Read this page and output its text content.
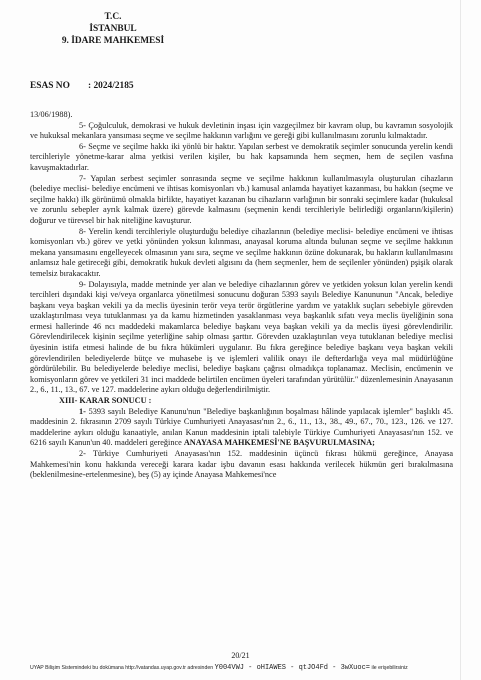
T.C.
İSTANBUL
9. İDARE MAHKEMESİ
ESAS NO : 2024/2185

13/06/1988).

5- Çoğulculuk, demokrasi ve hukuk devletinin inşası için vazgeçilmez bir kavram olup, bu kavramın sosyolojik ve hukuksal mekanlara yansıması seçme ve seçilme hakkının varlığını ve gereği gibi kullanılmasını zorunlu kılmaktadır.

6- Seçme ve seçilme hakkı iki yönlü bir haktır. Yapılan serbest ve demokratik seçimler sonucunda yerelin kendi tercihleriyle yönetme-karar alma yetkisi verilen kişiler, bu hak kapsamında hem seçmen, hem de seçilen vasfına kavuşmaktadırlar.

7- Yapılan serbest seçimler sonrasında seçme ve seçilme hakkının kullanılmasıyla oluşturulan cihazların (belediye meclisi- belediye encümeni ve ihtisas komisyonları vb.) kamusal anlamda hayatiyet kazanması, bu hakkın (seçme ve seçilme hakkı) ilk görünümü olmakla birlikte, hayatiyet kazanan bu cihazların varlığının bir sonraki seçimlere kadar (hukuksal ve zorunlu sebepler ayrık kalmak üzere) görevde kalmasını (seçmenin kendi tercihleriyle belirlediği organların/kişilerin) doğurur ve türevsel bir hak niteliğine kavuşturur.

8- Yerelin kendi tercihleriyle oluşturduğu belediye cihazlarının (belediye meclisi- belediye encümeni ve ihtisas komisyonları vb.) görev ve yetki yönünden yoksun kılınması, anayasal koruma altında bulunan seçme ve seçilme hakkının mekana yansımasını engelleyecek olmasının yanı sıra, seçme ve seçilme hakkının özüne dokunarak, bu hakların kullanılmasını anlamsız hale getireceği gibi, demokratik hukuk devleti algısını da (hem seçmenler, hem de seçilenler yönünden) pşişik olarak temelsiz bırakacaktır.

9- Dolayısıyla, madde metninde yer alan ve belediye cihazlarının görev ve yetkiden yoksun kılan yerelin kendi tercihleri dışındaki kişi ve/veya organlarca yönetilmesi sonucunu doğuran 5393 sayılı Belediye Kanununun "Ancak, belediye başkanı veya başkan vekili ya da meclis üyesinin terör veya terör örgütlerine yardım ve yataklık suçları sebebiyle görevden uzaklaştırılması veya tutuklanması ya da kamu hizmetinden yasaklanması veya başkanlık sıfatı veya meclis üyeliğinin sona ermesi hallerinde 46 ncı maddedeki makamlarca belediye başkanı veya başkan vekili ya da meclis üyesi görevlendirilir. Görevlendirilecek kişinin seçilme yeterliğine sahip olması şarttır. Görevden uzaklaştırılan veya tutuklanan belediye meclisi üyesinin istifa etmesi halinde de bu fıkra hükümleri uygulanır. Bu fıkra gereğince belediye başkanı veya başkan vekili görevlendirilen belediyelerde bütçe ve muhasebe iş ve işlemleri valilik onayı ile defterdarlığa veya mal müdürlüğüne gördürülebilir. Bu belediyelerde belediye meclisi, belediye başkanı çağrısı olmadıkça toplanamaz. Meclisin, encümenin ve komisyonların görev ve yetkileri 31 inci maddede belirtilen encümen üyeleri tarafından yürütülür." düzenlemesinin Anayasanın 2., 6., 11., 13., 67. ve 127. maddelerine aykırı olduğu değerlendirilmiştir.

XIII- KARAR SONUCU :

1- 5393 sayılı Belediye Kanunu'nun "Belediye başkanlığının boşalması hâlinde yapılacak işlemler" başlıklı 45. maddesinin 2. fıkrasının 2709 sayılı Türkiye Cumhuriyeti Anayasası'nın 2., 6., 11., 13., 38., 49., 67., 70., 123., 126. ve 127. maddelerine aykırı olduğu kanaatiyle, anılan Kanun maddesinin iptali talebiyle Türkiye Cumhuriyeti Anayasası'nın 152. ve 6216 sayılı Kanun'un 40. maddeleri gereğince ANAYASA MAHKEMESİ'NE BAŞVURULMASINA;

2- Türkiye Cumhuriyeti Anayasası'nın 152. maddesinin üçüncü fıkrası hükmü gereğince, Anayasa Mahkemesi'nin konu hakkında vereceği karara kadar işbu davanın esası hakkında verilecek hükmün geri bırakılmasına (beklenilmesine-ertelenmesine), beş (5) ay içinde Anayasa Mahkemesi'nce

20/21
UYAP Bilişim Sistemindeki bu dokümana http://vatandas.uyap.gov.tr adresinden Y004VWJ - oHIAWES - qtJO4Fd - 3wXuoc= ile erişebilirsiniz
